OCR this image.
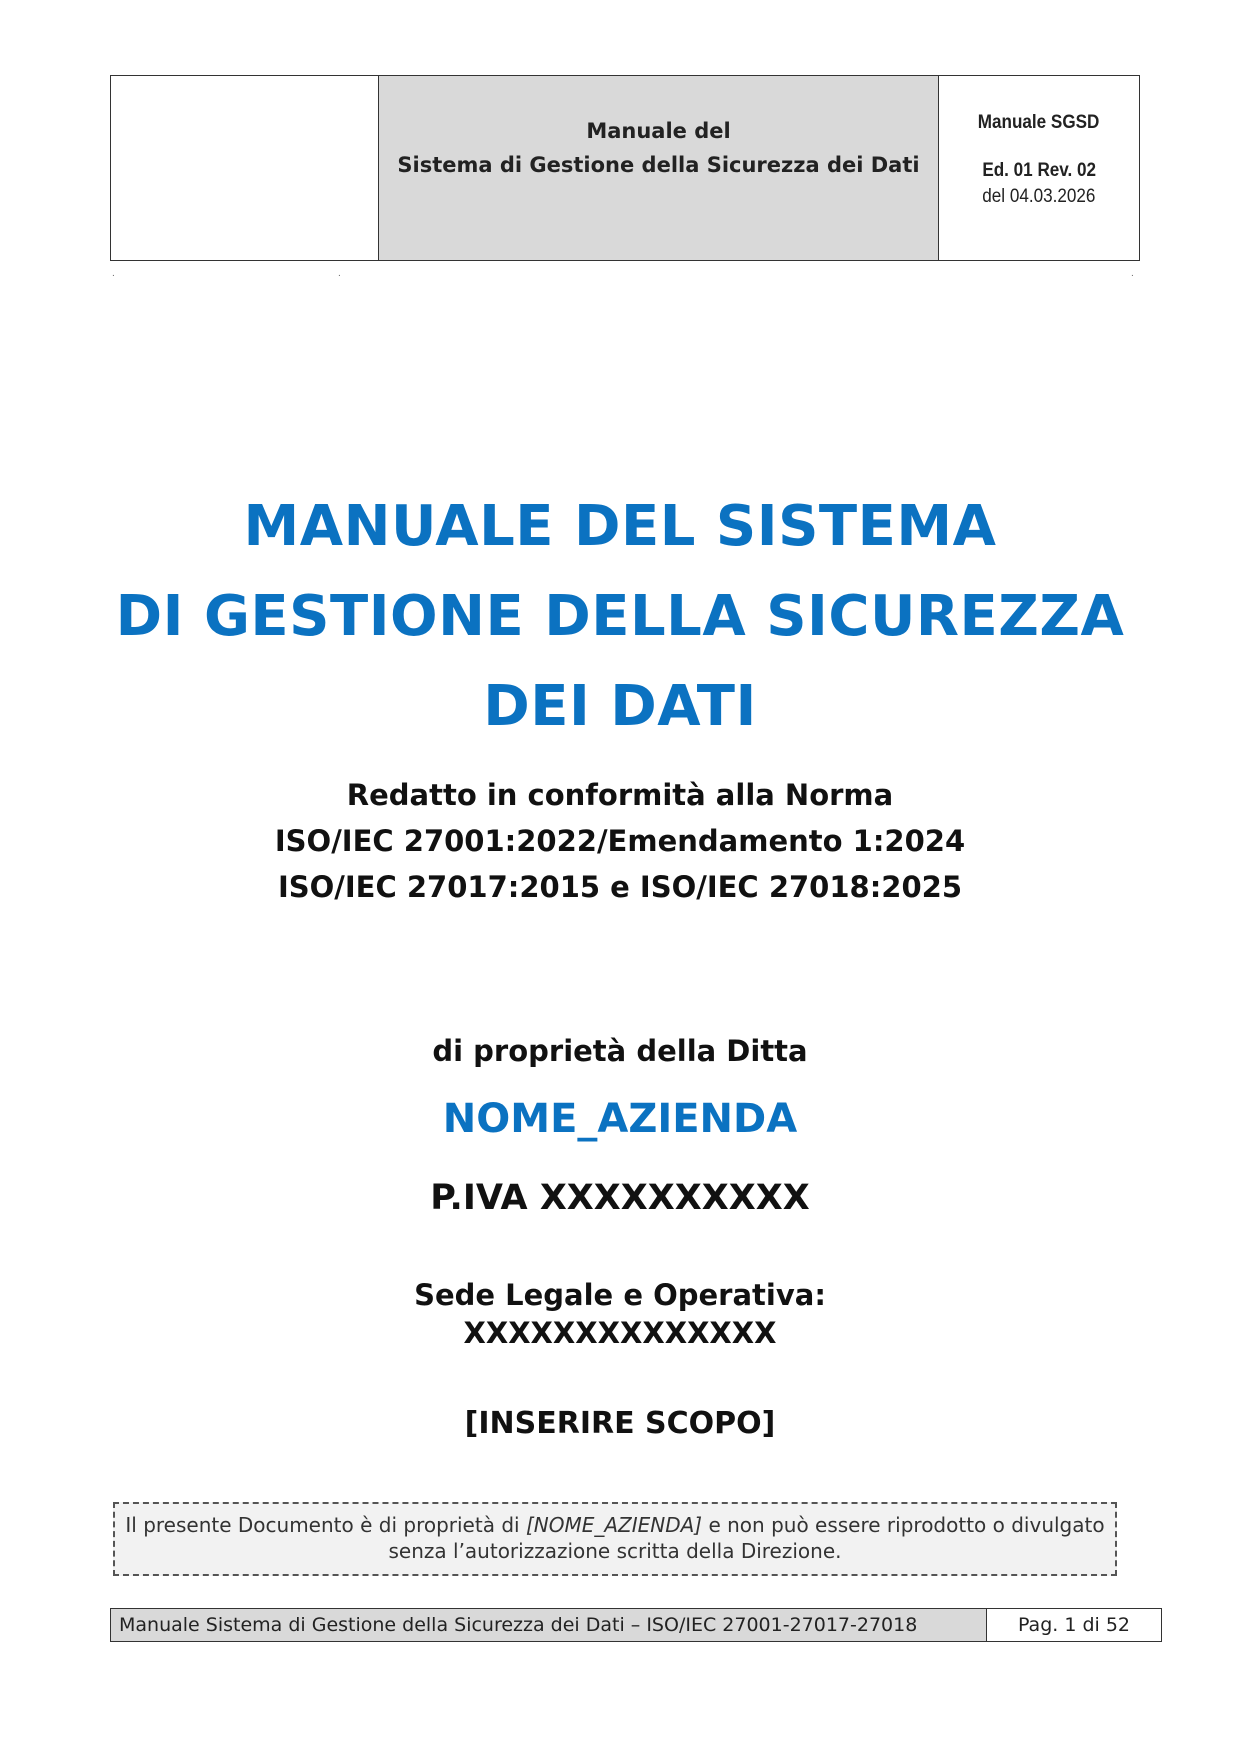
Manuale del
Sistema di Gestione della Sicurezza dei Dati
Manuale SGSD
Ed. 01 Rev. 02
del 04.03.2026
.	.	.
MANUALE DEL SISTEMA
DI GESTIONE DELLA SICUREZZA
DEI DATI
Redatto in conformità alla Norma
ISO/IEC 27001:2022/Emendamento 1:2024
ISO/IEC 27017:2015 e ISO/IEC 27018:2025
di proprietà della Ditta
NOME_AZIENDA
P.IVA XXXXXXXXXX
Sede Legale e Operativa:
XXXXXXXXXXXXXX
[INSERIRE SCOPO]
Il presente Documento è di proprietà di [NOME_AZIENDA] e non può essere riprodotto o divulgato senza l’autorizzazione scritta della Direzione.
Manuale Sistema di Gestione della Sicurezza dei Dati – ISO/IEC 27001-27017-27018	Pag. 1 di 52
